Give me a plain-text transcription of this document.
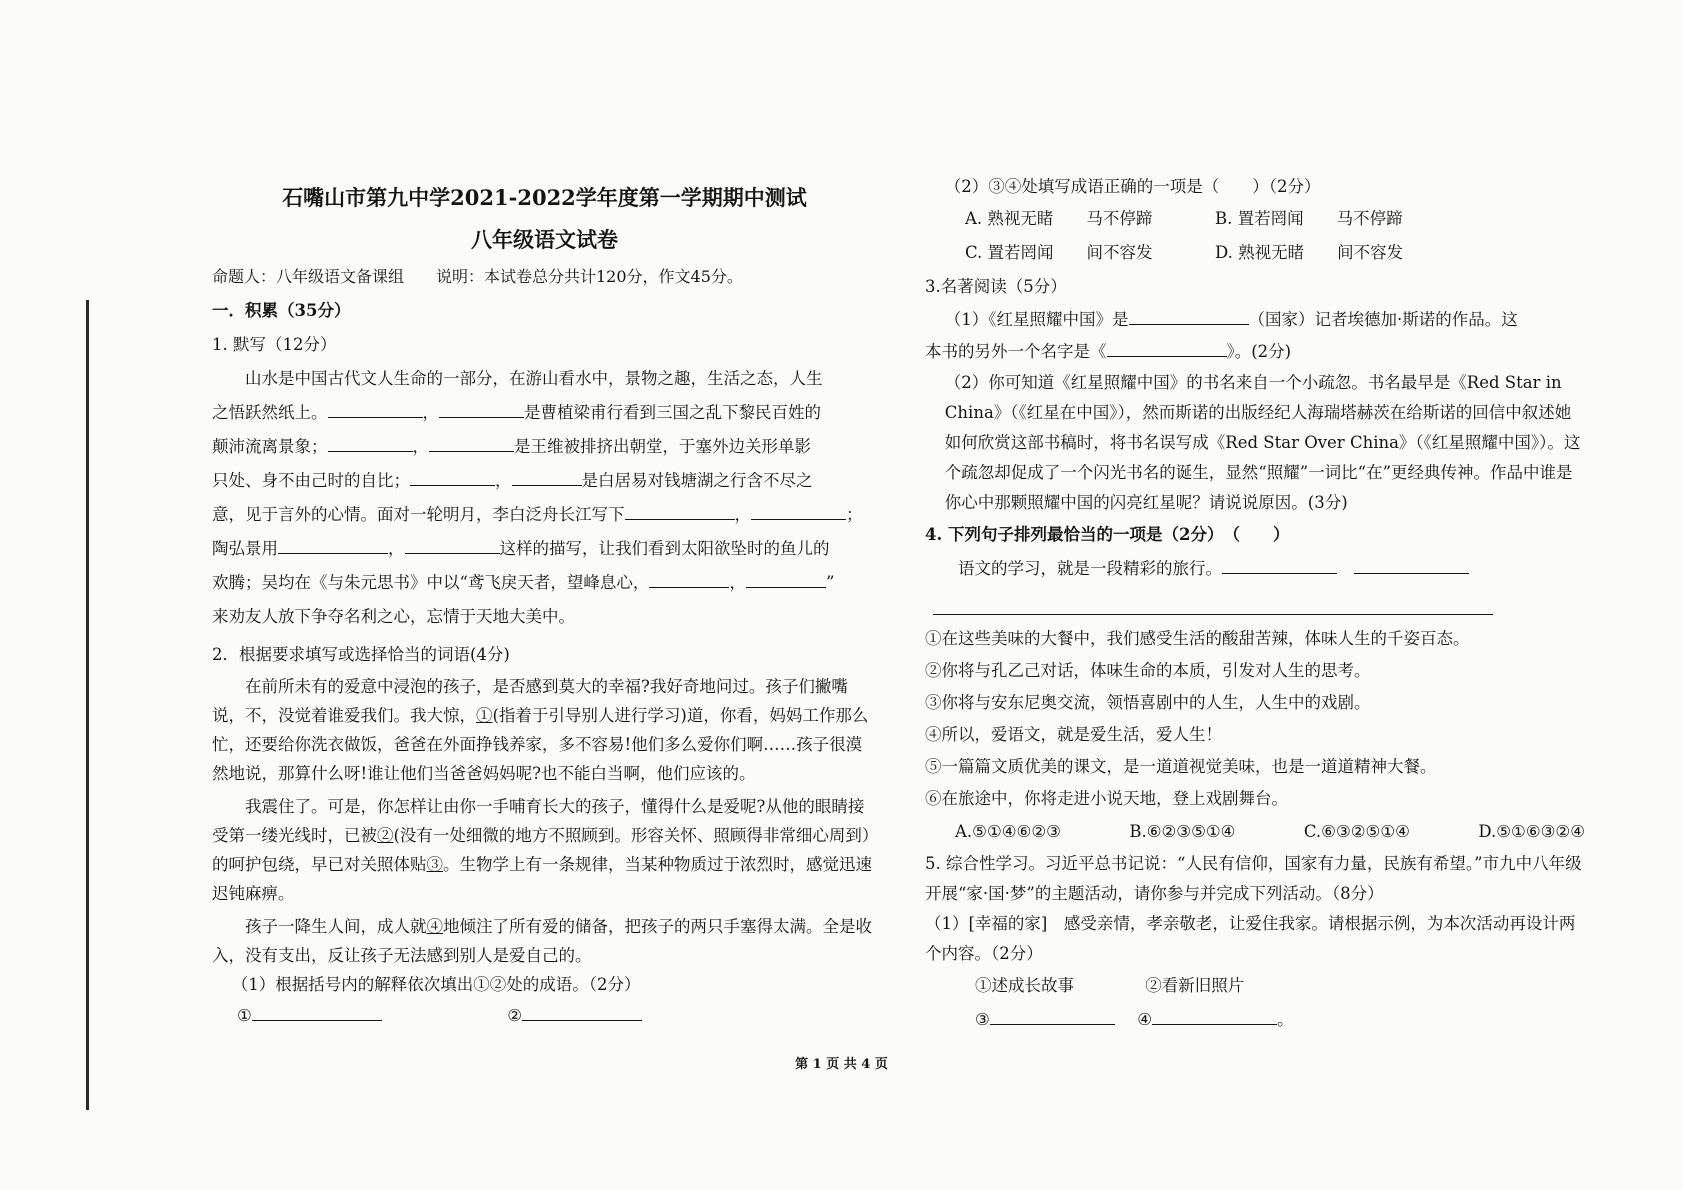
石嘴山市第九中学2021-2022学年度第一学期期中测试
八年级语文试卷

命题人：八年级语文备课组　　说明：本试卷总分共计120分，作文45分。

一．积累（35分）

1. 默写（12分）

山水是中国古代文人生命的一部分，在游山看水中，景物之趣，生活之态，人生

之悟跃然纸上。	，	是曹植梁甫行看到三国之乱下黎民百姓的

颠沛流离景象；	，	是王维被排挤出朝堂，于塞外边关形单影

只处、身不由己时的自比；	，	是白居易对钱塘湖之行含不尽之

意，见于言外的心情。面对一轮明月，李白泛舟长江写下	，	；

陶弘景用	，	这样的描写，让我们看到太阳欲坠时的鱼儿的

欢腾；吴均在《与朱元思书》中以“鸢飞戾天者，望峰息心，	，	”

来劝友人放下争夺名利之心，忘情于天地大美中。

2．根据要求填写或选择恰当的词语(4分)

在前所未有的爱意中浸泡的孩子，是否感到莫大的幸福?我好奇地问过。孩子们撇嘴说，不，没觉着谁爱我们。我大惊，①(指着于引导别人进行学习)道，你看，妈妈工作那么忙，还要给你洗衣做饭，爸爸在外面挣钱养家，多不容易!他们多么爱你们啊……孩子很漠然地说，那算什么呀!谁让他们当爸爸妈妈呢?也不能白当啊，他们应该的。

我震住了。可是，你怎样让由你一手哺育长大的孩子，懂得什么是爱呢?从他的眼睛接受第一缕光线时，已被②(没有一处细微的地方不照顾到。形容关怀、照顾得非常细心周到）的呵护包绕，早已对关照体贴③。生物学上有一条规律，当某种物质过于浓烈时，感觉迅速迟钝麻痹。

孩子一降生人间，成人就④地倾注了所有爱的储备，把孩子的两只手塞得太满。全是收入，没有支出，反让孩子无法感到别人是爱自己的。

（1）根据括号内的解释依次填出①②处的成语。（2分）

①	②

（2）③④处填写成语正确的一项是（　　）（2分）

A. 熟视无睹　　马不停蹄	B. 置若罔闻　　马不停蹄
C. 置若罔闻　　间不容发	D. 熟视无睹　　间不容发

3.名著阅读（5分）

（1）《红星照耀中国》是	（国家）记者埃德加·斯诺的作品。这

本书的另外一个名字是《	》。(2分)

（2）你可知道《红星照耀中国》的书名来自一个小疏忽。书名最早是《Red Star in China》（《红星在中国》），然而斯诺的出版经纪人海瑞塔赫茨在给斯诺的回信中叙述她如何欣赏这部书稿时，将书名误写成《Red Star Over China》（《红星照耀中国》）。这个疏忽却促成了一个闪光书名的诞生，显然“照耀”一词比“在”更经典传神。作品中谁是你心中那颗照耀中国的闪亮红星呢？请说说原因。(3分)

4. 下列句子排列最恰当的一项是（2分）　（　　）

语文的学习，就是一段精彩的旅行。　

①在这些美味的大餐中，我们感受生活的酸甜苦辣，体味人生的千姿百态。

②你将与孔乙己对话，体味生命的本质，引发对人生的思考。

③你将与安东尼奥交流，领悟喜剧中的人生，人生中的戏剧。

④所以，爱语文，就是爱生活，爱人生！

⑤一篇篇文质优美的课文，是一道道视觉美味，也是一道道精神大餐。

⑥在旅途中，你将走进小说天地，登上戏剧舞台。

A.⑤①④⑥②③	B.⑥②③⑤①④	C.⑥③②⑤①④	D.⑤①⑥③②④

5. 综合性学习。习近平总书记说：“人民有信仰，国家有力量，民族有希望。”市九中八年级开展“家·国·梦”的主题活动，请你参与并完成下列活动。（8分）

（1）[幸福的家]　感受亲情，孝亲敬老，让爱住我家。请根据示例，为本次活动再设计两个内容。（2分）

①述成长故事	②看新旧照片

③	④	。

第 1 页 共 4 页
